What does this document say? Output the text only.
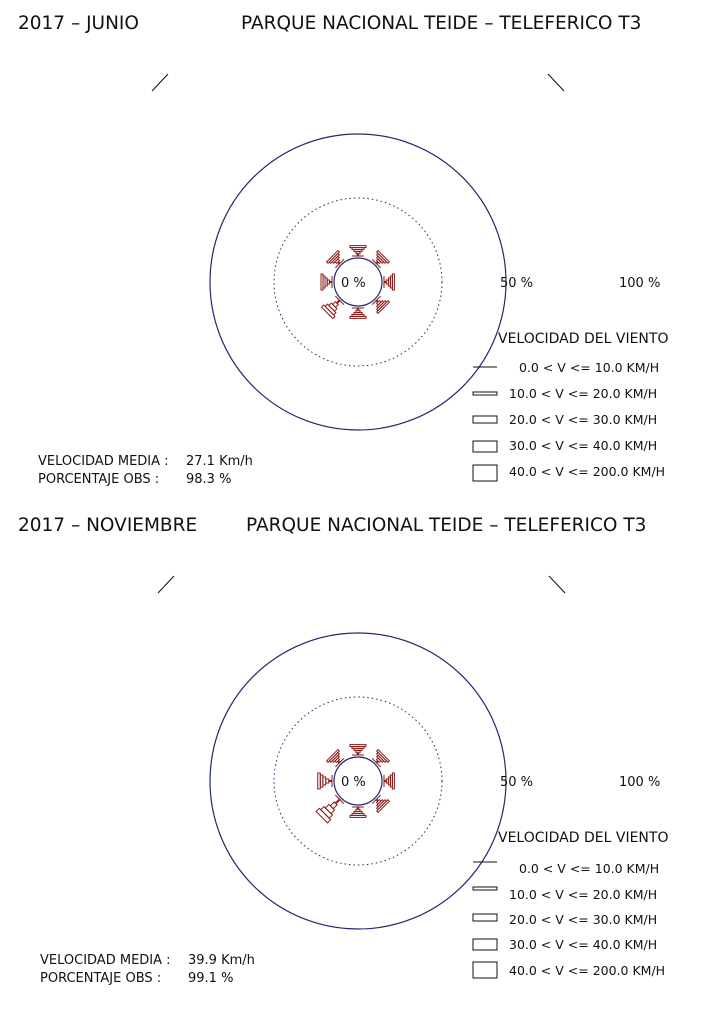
2017 – JUNIO	PARQUE NACIONAL TEIDE – TELEFERICO T3
0 %	50 %	100 %
VELOCIDAD DEL VIENTO
0.0 < V <= 10.0 KM/H
10.0 < V <= 20.0 KM/H
20.0 < V <= 30.0 KM/H
30.0 < V <= 40.0 KM/H
40.0 < V <= 200.0 KM/H
VELOCIDAD MEDIA : 27.1 Km/h
PORCENTAJE OBS : 98.3 %
2017 – NOVIEMBRE	PARQUE NACIONAL TEIDE – TELEFERICO T3
0 %	50 %	100 %
VELOCIDAD DEL VIENTO
0.0 < V <= 10.0 KM/H
10.0 < V <= 20.0 KM/H
20.0 < V <= 30.0 KM/H
30.0 < V <= 40.0 KM/H
40.0 < V <= 200.0 KM/H
VELOCIDAD MEDIA : 39.9 Km/h
PORCENTAJE OBS : 99.1 %
